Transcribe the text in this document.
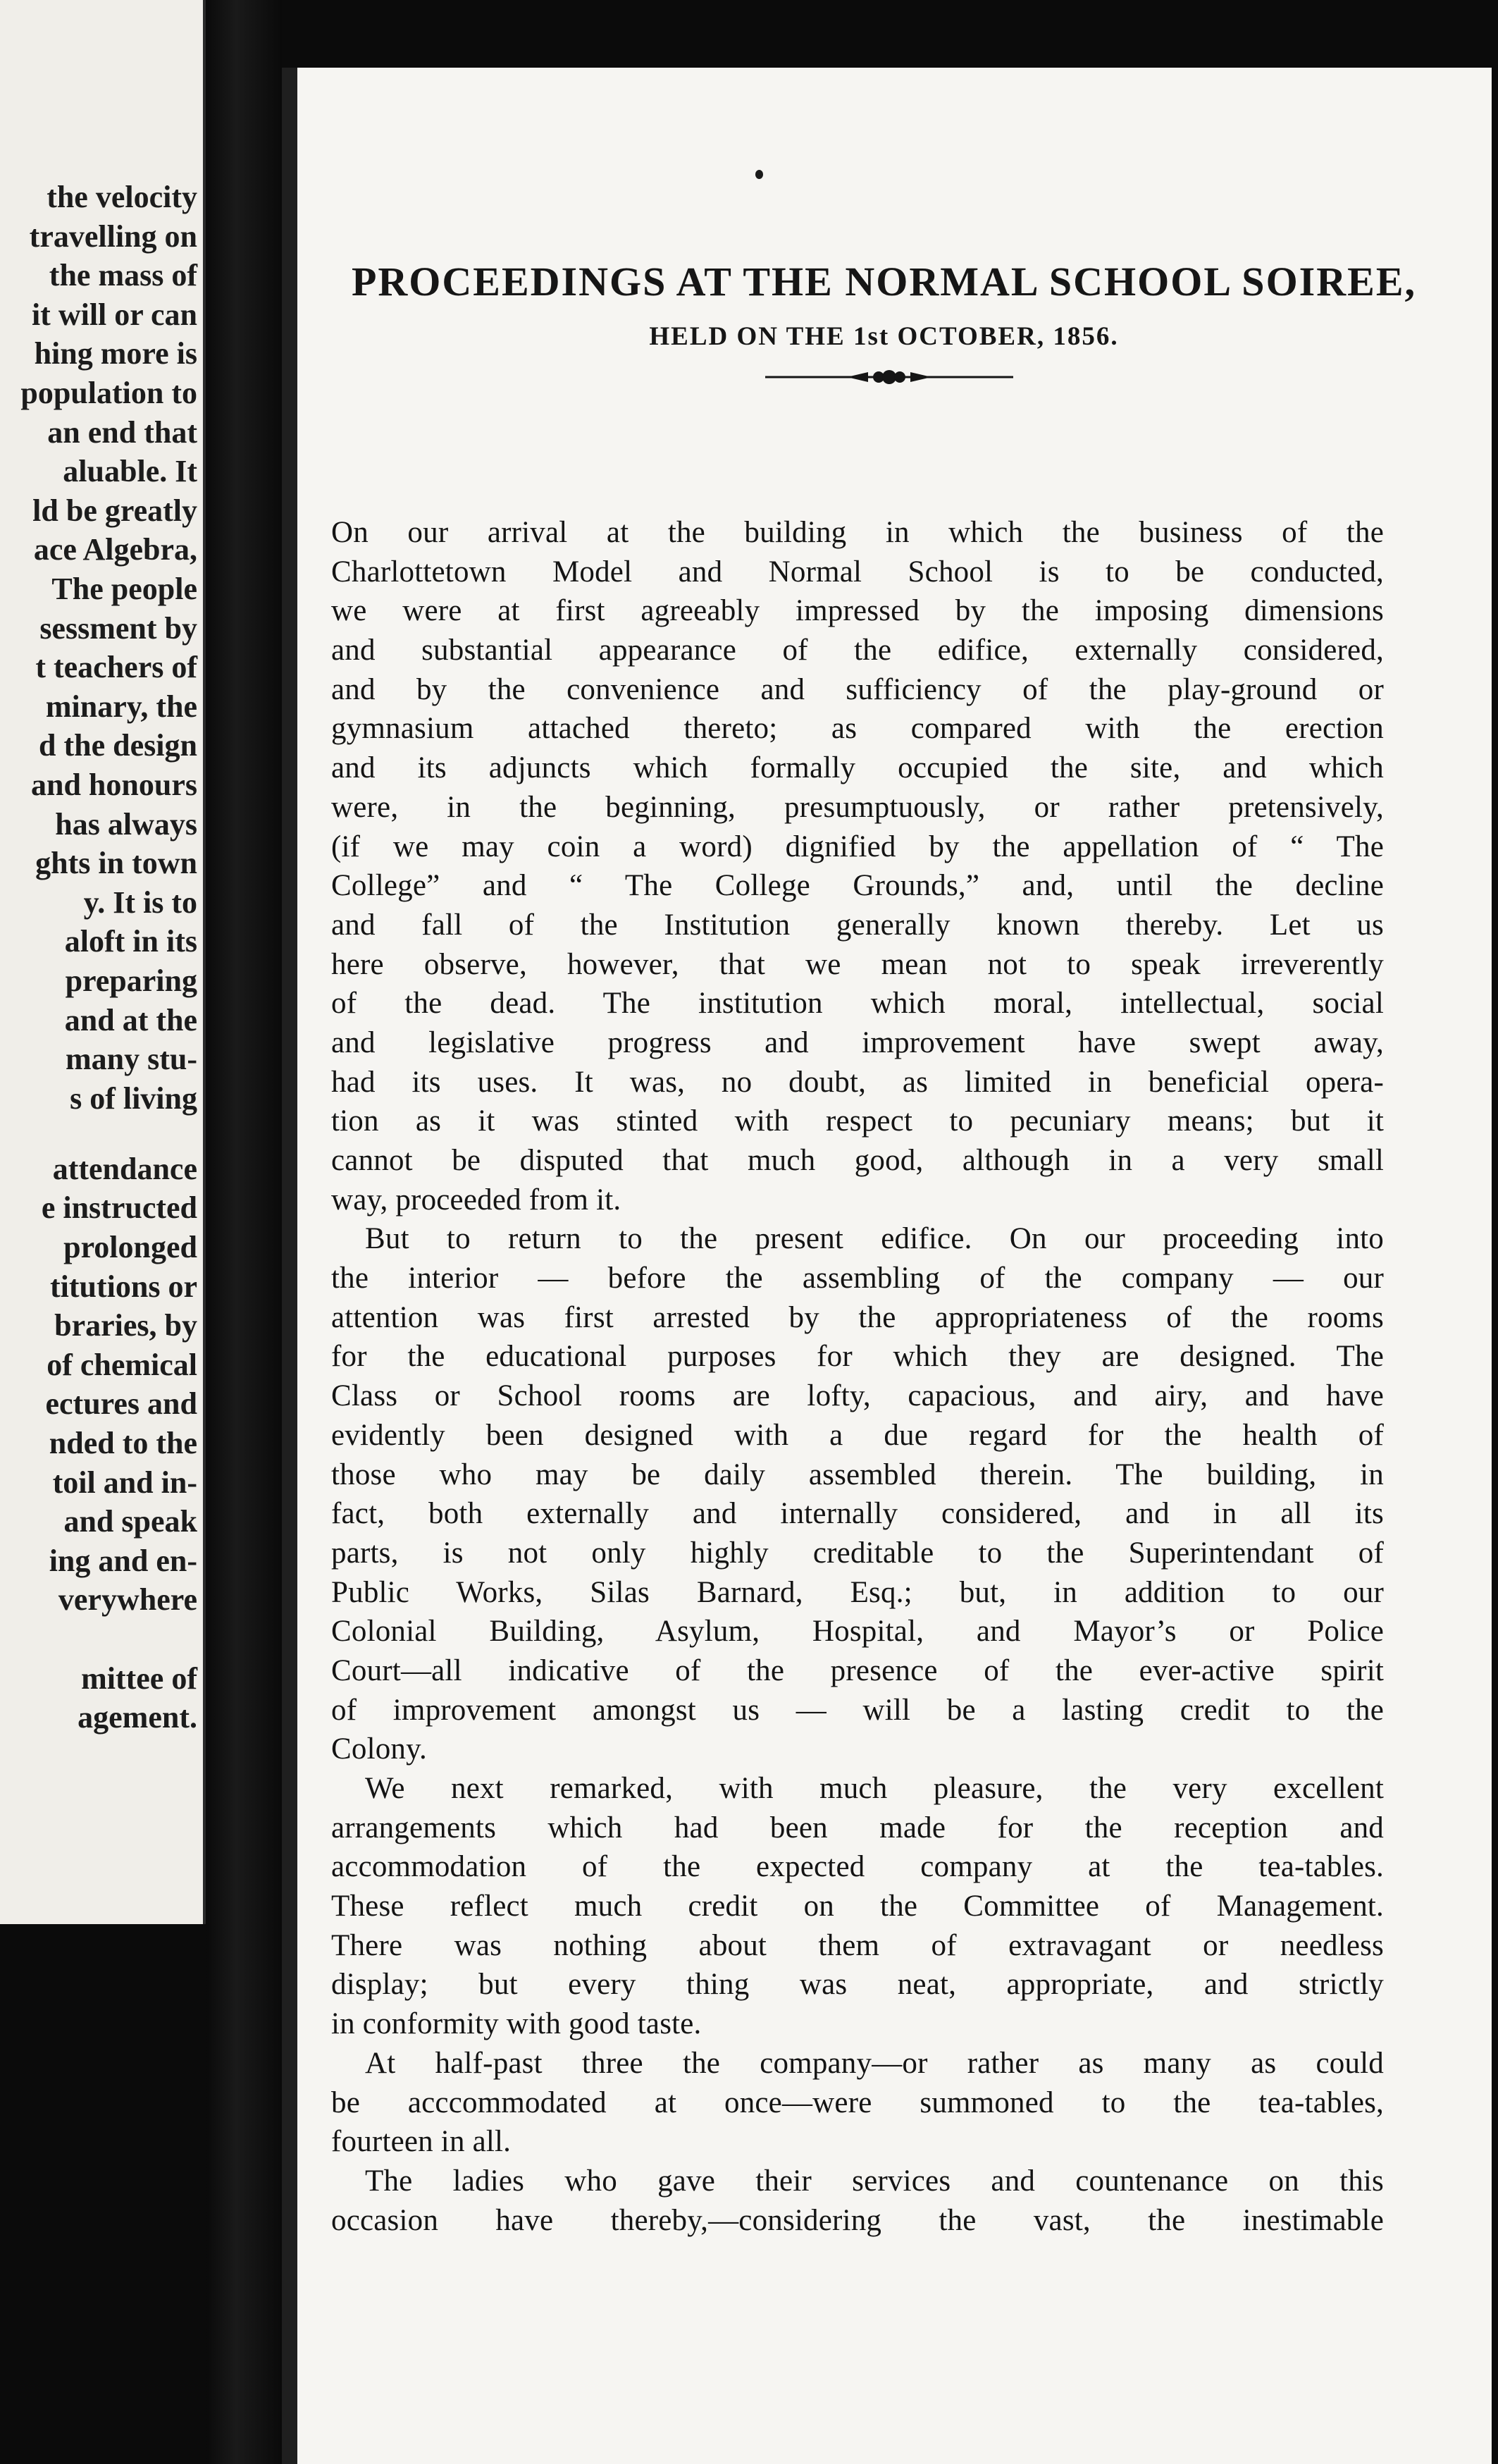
the velocity
travelling on
the mass of
it will or can
hing more is
population to
an end that
aluable. It
ld be greatly
ace Algebra,
The people
sessment by
t teachers of
minary, the
d the design
and honours
has always
ghts in town
y. It is to
aloft in its
preparing
and at the
many stu-
s of living
attendance
e instructed
prolonged
titutions or
braries, by
of chemical
ectures and
nded to the
toil and in-
and speak
ing and en-
verywhere
mittee of
agement.
PROCEEDINGS AT THE NORMAL SCHOOL SOIREE,
HELD ON THE 1st OCTOBER, 1856.
On our arrival at the building in which the business of the
Charlottetown Model and Normal School is to be conducted,
we were at first agreeably impressed by the imposing dimensions
and substantial appearance of the edifice, externally considered,
and by the convenience and sufficiency of the play-ground or
gymnasium attached thereto; as compared with the erection
and its adjuncts which formally occupied the site, and which
were, in the beginning, presumptuously, or rather pretensively,
(if we may coin a word) dignified by the appellation of “ The
College” and “ The College Grounds,” and, until the decline
and fall of the Institution generally known thereby. Let us
here observe, however, that we mean not to speak irreverently
of the dead. The institution which moral, intellectual, social
and legislative progress and improvement have swept away,
had its uses. It was, no doubt, as limited in beneficial opera-
tion as it was stinted with respect to pecuniary means; but it
cannot be disputed that much good, although in a very small
way, proceeded from it.
But to return to the present edifice. On our proceeding into
the interior — before the assembling of the company — our
attention was first arrested by the appropriateness of the rooms
for the educational purposes for which they are designed. The
Class or School rooms are lofty, capacious, and airy, and have
evidently been designed with a due regard for the health of
those who may be daily assembled therein. The building, in
fact, both externally and internally considered, and in all its
parts, is not only highly creditable to the Superintendant of
Public Works, Silas Barnard, Esq.; but, in addition to our
Colonial Building, Asylum, Hospital, and Mayor’s or Police
Court—all indicative of the presence of the ever-active spirit
of improvement amongst us — will be a lasting credit to the
Colony.
We next remarked, with much pleasure, the very excellent
arrangements which had been made for the reception and
accommodation of the expected company at the tea-tables.
These reflect much credit on the Committee of Management.
There was nothing about them of extravagant or needless
display; but every thing was neat, appropriate, and strictly
in conformity with good taste.
At half-past three the company—or rather as many as could
be acccommodated at once—were summoned to the tea-tables,
fourteen in all.
The ladies who gave their services and countenance on this
occasion have thereby,—considering the vast, the inestimable
